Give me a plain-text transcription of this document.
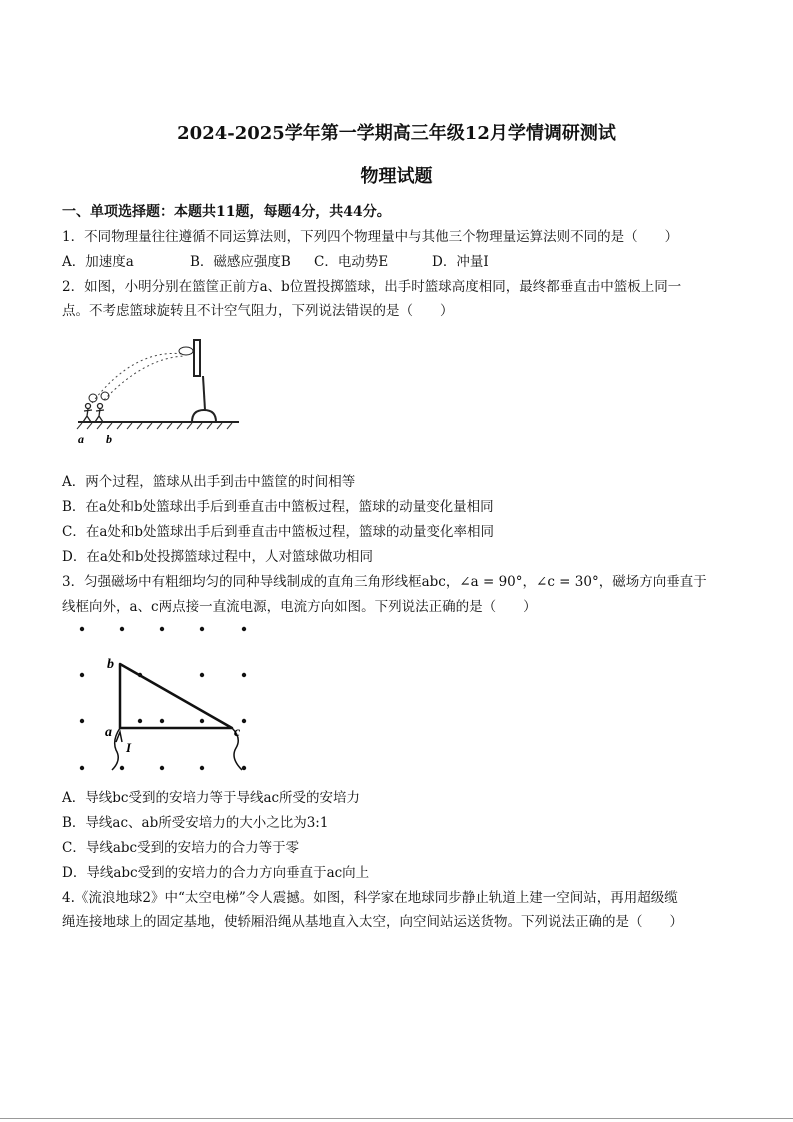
2024-2025学年第一学期高三年级12月学情调研测试
物理试题
一、单项选择题：本题共11题，每题4分，共44分。
1．不同物理量往往遵循不同运算法则，下列四个物理量中与其他三个物理量运算法则不同的是（　　）
A．加速度a	B．磁感应强度B C．电动势E	D．冲量I
2．如图，小明分别在篮筐正前方a、b位置投掷篮球，出手时篮球高度相同，最终都垂直击中篮板上同一
点。不考虑篮球旋转且不计空气阻力，下列说法错误的是（　　）
a b
A．两个过程，篮球从出手到击中篮筐的时间相等
B．在a处和b处篮球出手后到垂直击中篮板过程，篮球的动量变化量相同
C．在a处和b处篮球出手后到垂直击中篮板过程，篮球的动量变化率相同
D．在a处和b处投掷篮球过程中，人对篮球做功相同
3．匀强磁场中有粗细均匀的同种导线制成的直角三角形线框abc，∠a = 90°，∠c = 30°，磁场方向垂直于
线框向外，a、c两点接一直流电源，电流方向如图。下列说法正确的是（　　）
b
a	c
I
A．导线bc受到的安培力等于导线ac所受的安培力
B．导线ac、ab所受安培力的大小之比为3:1
C．导线abc受到的安培力的合力等于零
D．导线abc受到的安培力的合力方向垂直于ac向上
4.《流浪地球2》中“太空电梯”令人震撼。如图，科学家在地球同步静止轨道上建一空间站，再用超级缆
绳连接地球上的固定基地，使轿厢沿绳从基地直入太空，向空间站运送货物。下列说法正确的是（　　）
